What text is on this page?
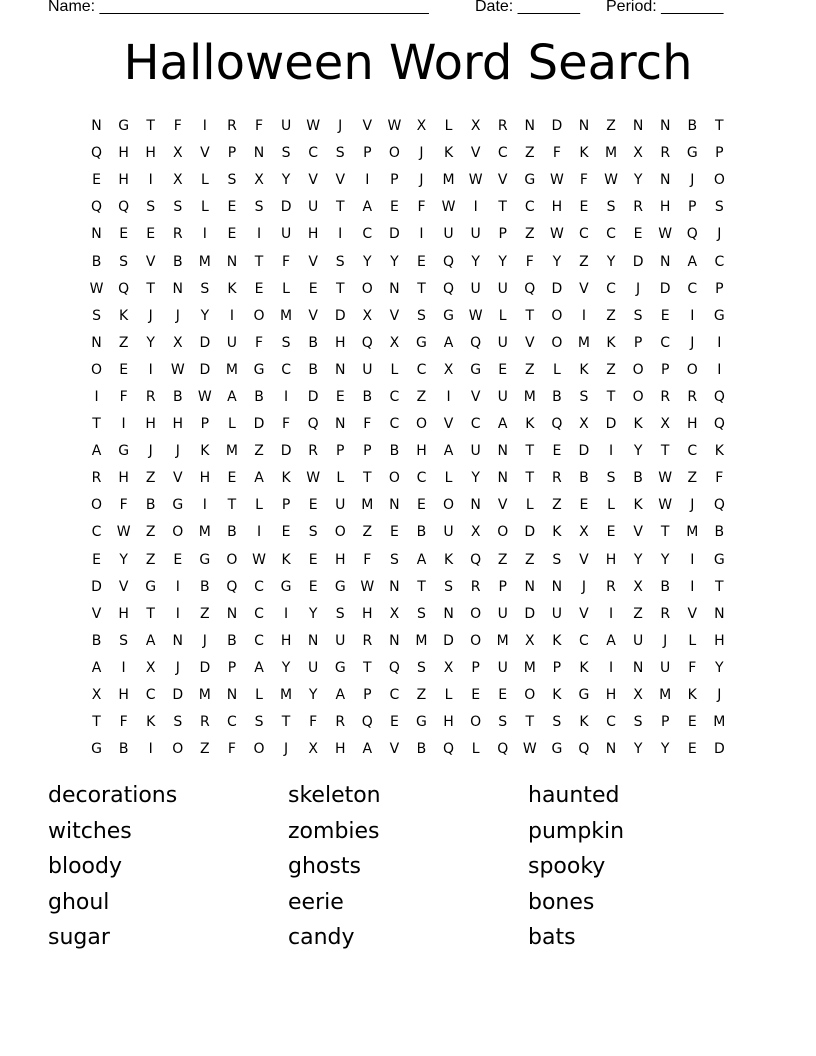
Name: _____________________________________	Date: _______ Period: _______
Halloween Word Search
N	G	T	F	I	R	F	U	W	J	V	W	X	L	X	R	N	D	N	Z	N	N	B	T
Q	H	H	X	V	P	N	S	C	S	P	O	J	K	V	C	Z	F	K	M	X	R	G	P
E	H	I	X	L	S	X	Y	V	V	I	P	J	M	W	V	G	W	F	W	Y	N	J	O
Q	Q	S	S	L	E	S	D	U	T	A	E	F	W	I	T	C	H	E	S	R	H	P	S
N	E	E	R	I	E	I	U	H	I	C	D	I	U	U	P	Z	W	C	C	E	W	Q	J
B	S	V	B	M	N	T	F	V	S	Y	Y	E	Q	Y	Y	F	Y	Z	Y	D	N	A	C
W	Q	T	N	S	K	E	L	E	T	O	N	T	Q	U	U	Q	D	V	C	J	D	C	P
S	K	J	J	Y	I	O	M	V	D	X	V	S	G	W	L	T	O	I	Z	S	E	I	G
N	Z	Y	X	D	U	F	S	B	H	Q	X	G	A	Q	U	V	O	M	K	P	C	J	I
O	E	I	W	D	M	G	C	B	N	U	L	C	X	G	E	Z	L	K	Z	O	P	O	I
I	F	R	B	W	A	B	I	D	E	B	C	Z	I	V	U	M	B	S	T	O	R	R	Q
T	I	H	H	P	L	D	F	Q	N	F	C	O	V	C	A	K	Q	X	D	K	X	H	Q
A	G	J	J	K	M	Z	D	R	P	P	B	H	A	U	N	T	E	D	I	Y	T	C	K
R	H	Z	V	H	E	A	K	W	L	T	O	C	L	Y	N	T	R	B	S	B	W	Z	F
O	F	B	G	I	T	L	P	E	U	M	N	E	O	N	V	L	Z	E	L	K	W	J	Q
C	W	Z	O	M	B	I	E	S	O	Z	E	B	U	X	O	D	K	X	E	V	T	M	B
E	Y	Z	E	G	O	W	K	E	H	F	S	A	K	Q	Z	Z	S	V	H	Y	Y	I	G
D	V	G	I	B	Q	C	G	E	G	W	N	T	S	R	P	N	N	J	R	X	B	I	T
V	H	T	I	Z	N	C	I	Y	S	H	X	S	N	O	U	D	U	V	I	Z	R	V	N
B	S	A	N	J	B	C	H	N	U	R	N	M	D	O	M	X	K	C	A	U	J	L	H
A	I	X	J	D	P	A	Y	U	G	T	Q	S	X	P	U	M	P	K	I	N	U	F	Y
X	H	C	D	M	N	L	M	Y	A	P	C	Z	L	E	E	O	K	G	H	X	M	K	J
T	F	K	S	R	C	S	T	F	R	Q	E	G	H	O	S	T	S	K	C	S	P	E	M
G	B	I	O	Z	F	O	J	X	H	A	V	B	Q	L	Q	W	G	Q	N	Y	Y	E	D
decorations
witches
bloody
ghoul
sugar
skeleton
zombies
ghosts
eerie
candy
haunted
pumpkin
spooky
bones
bats
